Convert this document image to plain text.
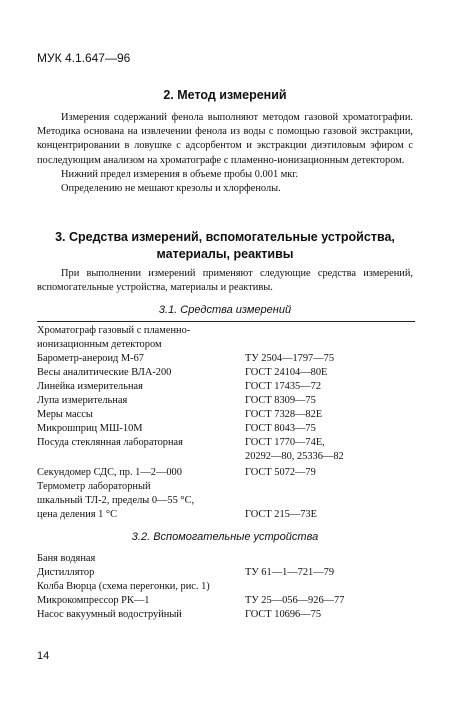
МУК 4.1.647—96
2. Метод измерений

Измерения содержаний фенола выполняют методом газовой хроматографии. Методика основана на извлечении фенола из воды с помощью газовой экстракции, концентрировании в ловушке с адсорбентом и экстракции диэтиловым эфиром с последующим анализом на хроматографе с пламенно-ионизационным детектором.

Нижний предел измерения в объеме пробы 0.001 мкг.

Определению не мешают крезолы и хлорфенолы.

3. Средства измерений, вспомогательные устройства,
материалы, реактивы

При выполнении измерений применяют следующие средства измерений, вспомогательные устройства, материалы и реактивы.

3.1. Средства измерений
Хроматограф газовый с пламенно-
ионизационным детектором
Барометр-анероид М-67	ТУ 2504—1797—75
Весы аналитические ВЛА-200	ГОСТ 24104—80Е
Линейка измерительная	ГОСТ 17435—72
Лупа измерительная	ГОСТ 8309—75
Меры массы	ГОСТ 7328—82Е
Микрошприц МШ-10М	ГОСТ 8043—75
Посуда стеклянная лабораторная	ГОСТ 1770—74Е,
20292—80, 25336—82
Секундомер СДС, пр. 1—2—000	ГОСТ 5072—79
Термометр лабораторный
шкальный ТЛ-2, пределы 0—55 °С,
цена деления 1 °С	ГОСТ 215—73Е
3.2. Вспомогательные устройства
Баня водяная
Дистиллятор	ТУ 61—1—721—79
Колба Вюрца (схема перегонки, рис. 1)
Микрокомпрессор РК—1	ТУ 25—056—926—77
Насос вакуумный водоструйный	ГОСТ 10696—75
14
